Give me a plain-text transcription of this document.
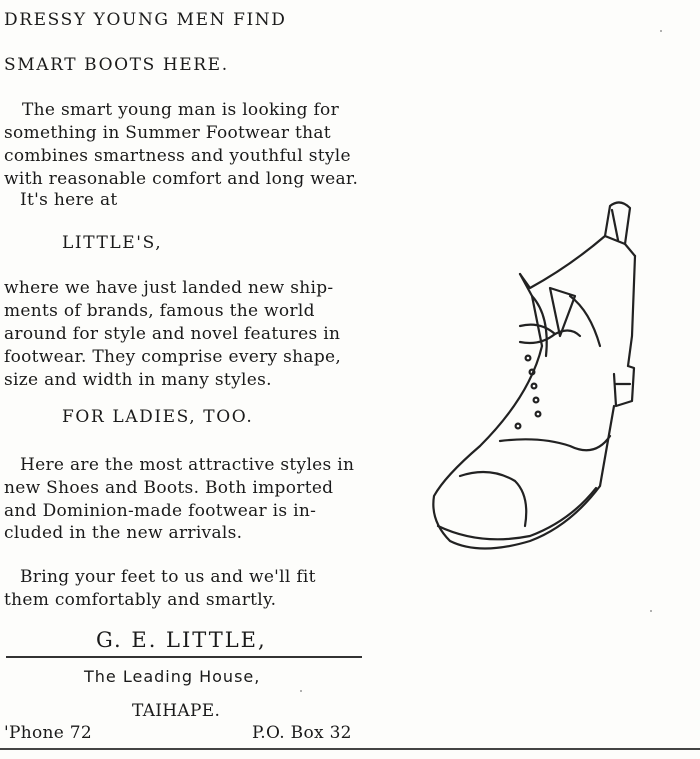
DRESSY YOUNG MEN FIND
SMART BOOTS HERE.
The smart young man is looking for
something in Summer Footwear that
combines smartness and youthful style
with reasonable comfort and long wear.
It's here at
LITTLE'S,
where we have just landed new ship-
ments of brands, famous the world
around for style and novel features in
footwear. They comprise every shape,
size and width in many styles.
FOR LADIES, TOO.
Here are the most attractive styles in
new Shoes and Boots. Both imported
and Dominion-made footwear is in-
cluded in the new arrivals.
Bring your feet to us and we'll fit
them comfortably and smartly.
G. E. LITTLE,
The Leading House,
TAIHAPE.
'Phone 72	P.O. Box 32
